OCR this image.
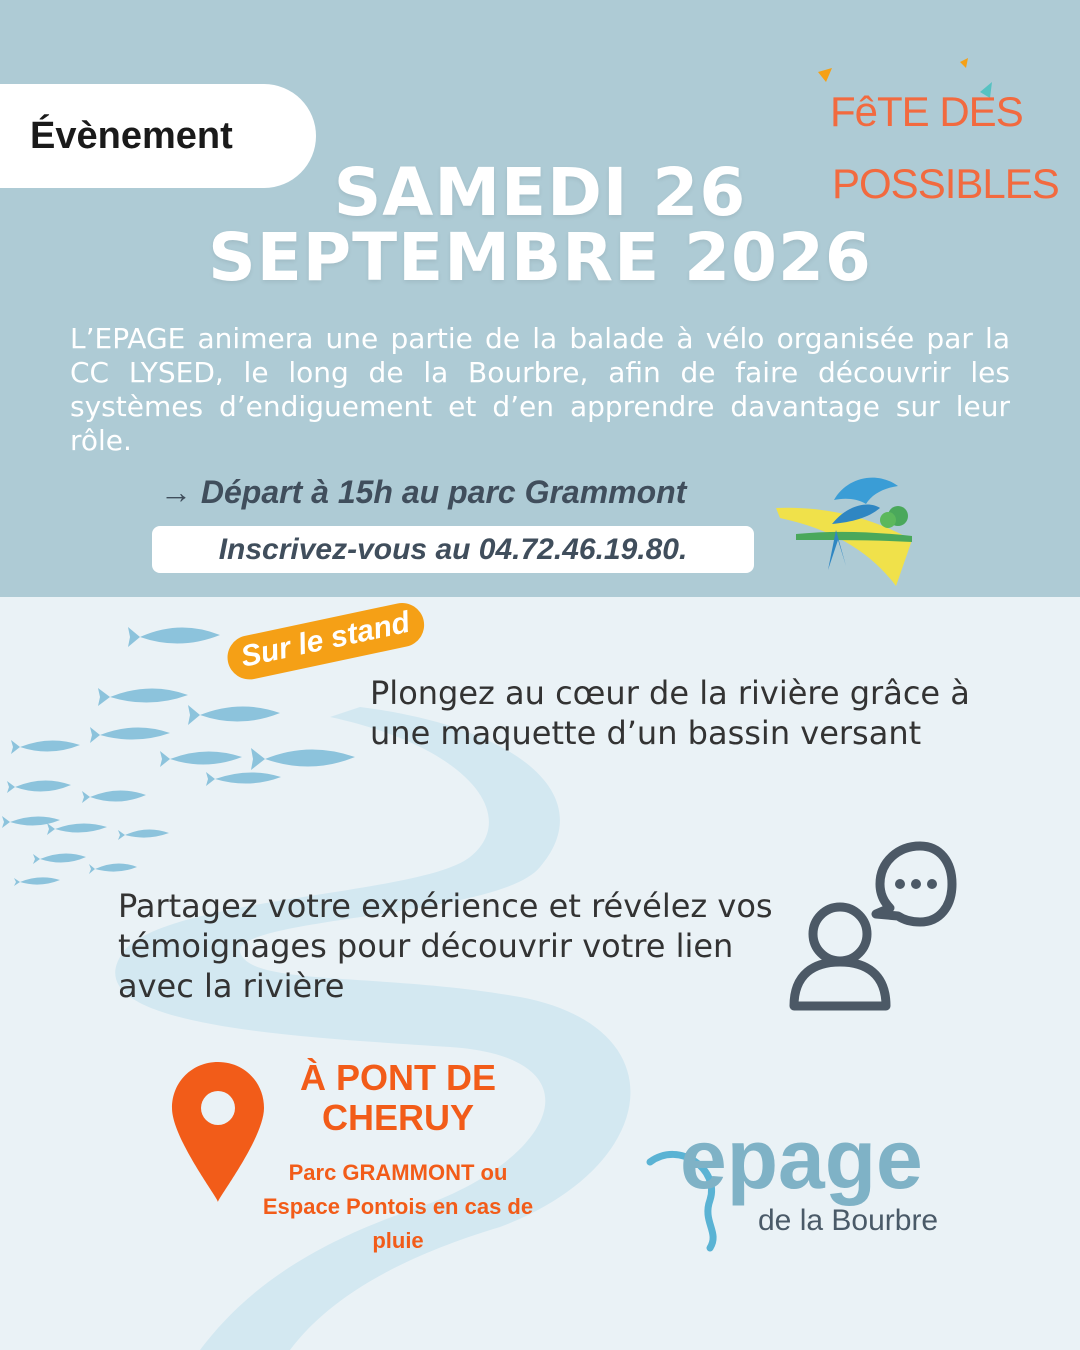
Évènement
SAMEDI 26
SEPTEMBRE 2026
FêTE DES
POSSIBLES
L’EPAGE animera une partie de la balade à vélo organisée par la CC LYSED, le long de la Bourbre, afin de faire découvrir les systèmes d’endiguement et d’en apprendre davantage sur leur rôle.
→ Départ à 15h au parc Grammont
Inscrivez-vous au 04.72.46.19.80.
Sur le stand
Plongez au cœur de la rivière grâce à une maquette d’un bassin versant
Partagez votre expérience et révélez vos témoignages pour découvrir votre lien avec la rivière
À PONT DE CHERUY
Parc GRAMMONT ou Espace Pontois en cas de pluie
epage
de la Bourbre
